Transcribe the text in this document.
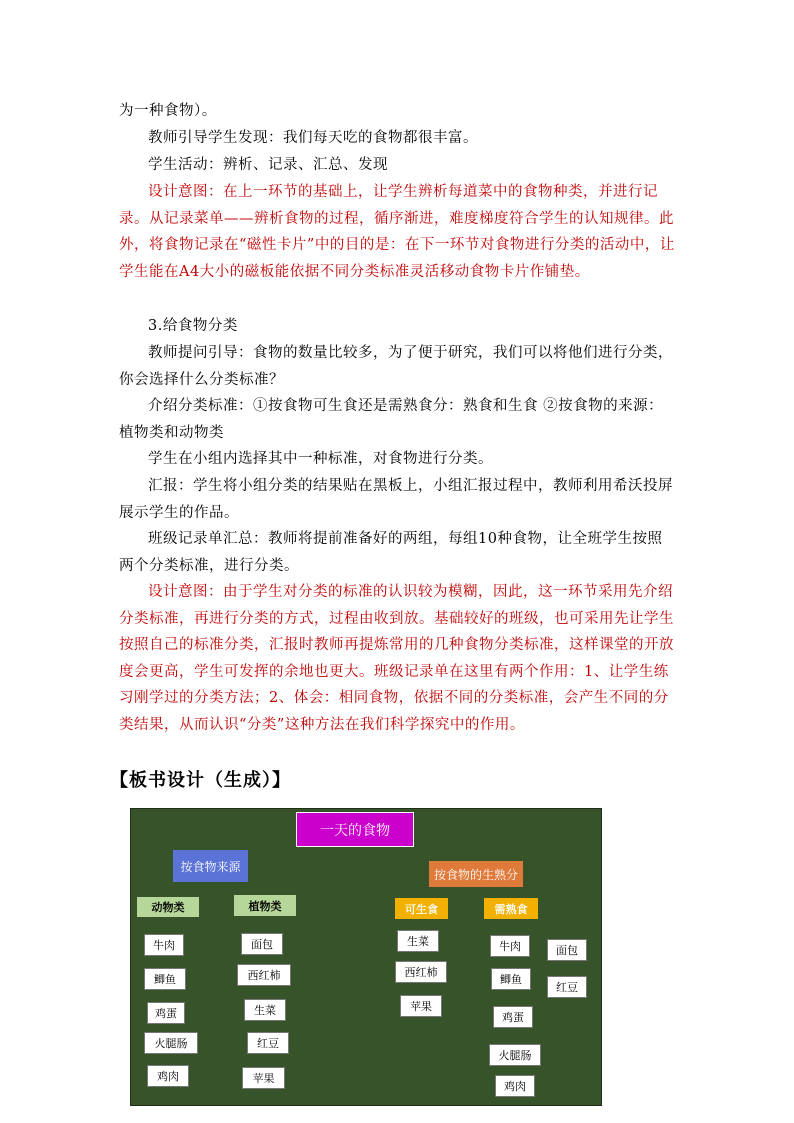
为一种食物）。

教师引导学生发现：我们每天吃的食物都很丰富。

学生活动：辨析、记录、汇总、发现

设计意图：在上一环节的基础上，让学生辨析每道菜中的食物种类，并进行记录。从记录菜单——辨析食物的过程，循序渐进，难度梯度符合学生的认知规律。此外，将食物记录在“磁性卡片”中的目的是：在下一环节对食物进行分类的活动中，让学生能在A4大小的磁板能依据不同分类标准灵活移动食物卡片作铺垫。

3.给食物分类

教师提问引导：食物的数量比较多，为了便于研究，我们可以将他们进行分类，你会选择什么分类标准？

介绍分类标准：①按食物可生食还是需熟食分：熟食和生食 ②按食物的来源：植物类和动物类

学生在小组内选择其中一种标准，对食物进行分类。

汇报：学生将小组分类的结果贴在黑板上，小组汇报过程中，教师利用希沃投屏展示学生的作品。

班级记录单汇总：教师将提前准备好的两组，每组10种食物，让全班学生按照两个分类标准，进行分类。

设计意图：由于学生对分类的标准的认识较为模糊，因此，这一环节采用先介绍分类标准，再进行分类的方式，过程由收到放。基础较好的班级，也可采用先让学生按照自己的标准分类，汇报时教师再提炼常用的几种食物分类标准，这样课堂的开放度会更高，学生可发挥的余地也更大。班级记录单在这里有两个作用：1、让学生练习刚学过的分类方法；2、体会：相同食物，依据不同的分类标准，会产生不同的分类结果，从而认识“分类”这种方法在我们科学探究中的作用。

【板书设计（生成）】
一天的食物
按食物来源
按食物的生熟分
动物类	植物类	可生食	需熟食
牛肉
鲫鱼
鸡蛋
火腿肠
鸡肉
面包
西红柿
生菜
红豆
苹果
生菜
西红柿
苹果
牛肉
鲫鱼
鸡蛋
火腿肠
鸡肉
面包
红豆
